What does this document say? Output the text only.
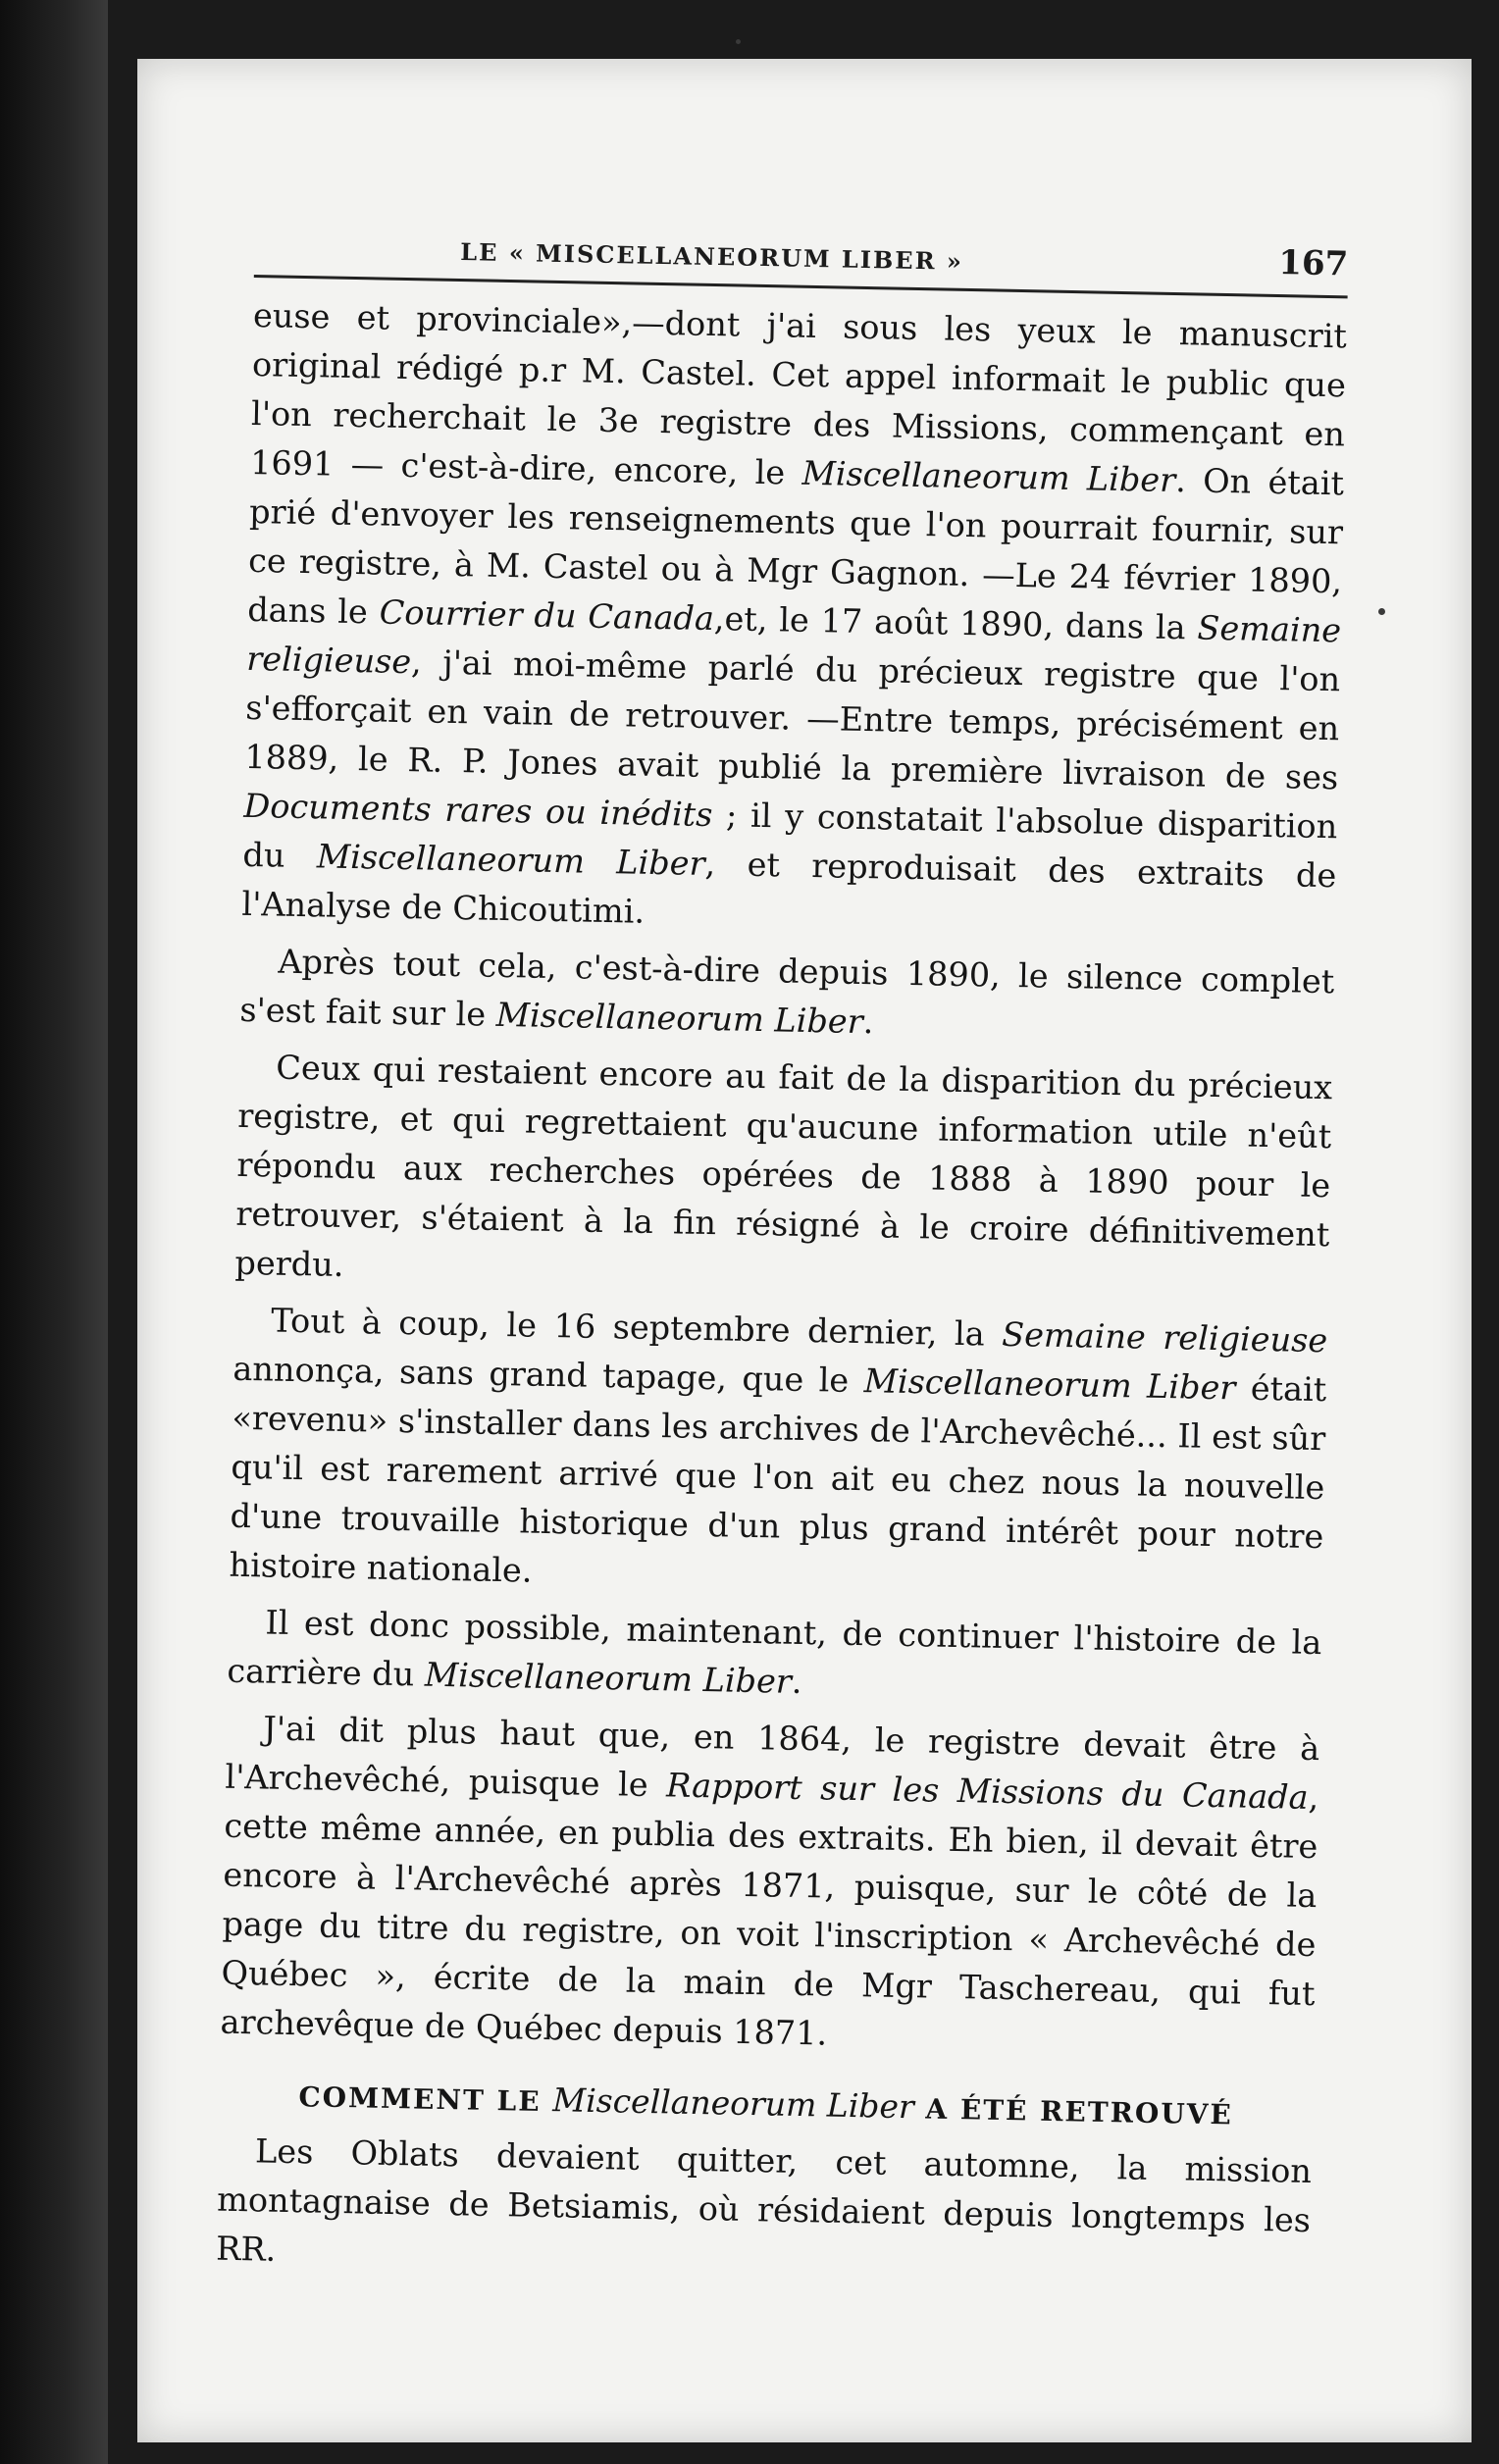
LE « MISCELLANEORUM LIBER »	167

euse et provinciale»,—dont j'ai sous les yeux le manuscrit original rédigé p.r M. Castel. Cet appel informait le public que l'on recherchait le 3e registre des Missions, commençant en 1691 — c'est-à-dire, encore, le Miscellaneorum Liber. On était prié d'envoyer les renseignements que l'on pourrait fournir, sur ce registre, à M. Castel ou à Mgr Gagnon. —Le 24 février 1890, dans le Courrier du Canada,et, le 17 août 1890, dans la Semaine religieuse, j'ai moi-même parlé du précieux registre que l'on s'efforçait en vain de retrouver. —Entre temps, précisément en 1889, le R. P. Jones avait publié la première livraison de ses Documents rares ou inédits ; il y constatait l'absolue disparition du Miscellaneorum Liber, et reproduisait des extraits de l'Analyse de Chicoutimi.

Après tout cela, c'est-à-dire depuis 1890, le silence complet s'est fait sur le Miscellaneorum Liber.

Ceux qui restaient encore au fait de la disparition du précieux registre, et qui regrettaient qu'aucune information utile n'eût répondu aux recherches opérées de 1888 à 1890 pour le retrouver, s'étaient à la fin résigné à le croire définitivement perdu.

Tout à coup, le 16 septembre dernier, la Semaine religieuse annonça, sans grand tapage, que le Miscellaneorum Liber était «revenu» s'installer dans les archives de l'Archevêché... Il est sûr qu'il est rarement arrivé que l'on ait eu chez nous la nouvelle d'une trouvaille historique d'un plus grand intérêt pour notre histoire nationale.

Il est donc possible, maintenant, de continuer l'histoire de la carrière du Miscellaneorum Liber.

J'ai dit plus haut que, en 1864, le registre devait être à l'Archevêché, puisque le Rapport sur les Missions du Canada, cette même année, en publia des extraits. Eh bien, il devait être encore à l'Archevêché après 1871, puisque, sur le côté de la page du titre du registre, on voit l'inscription « Archevêché de Québec », écrite de la main de Mgr Taschereau, qui fut archevêque de Québec depuis 1871.

COMMENT LE Miscellaneorum Liber A ÉTÉ RETROUVÉ

Les Oblats devaient quitter, cet automne, la mission montagnaise de Betsiamis, où résidaient depuis longtemps les RR.
